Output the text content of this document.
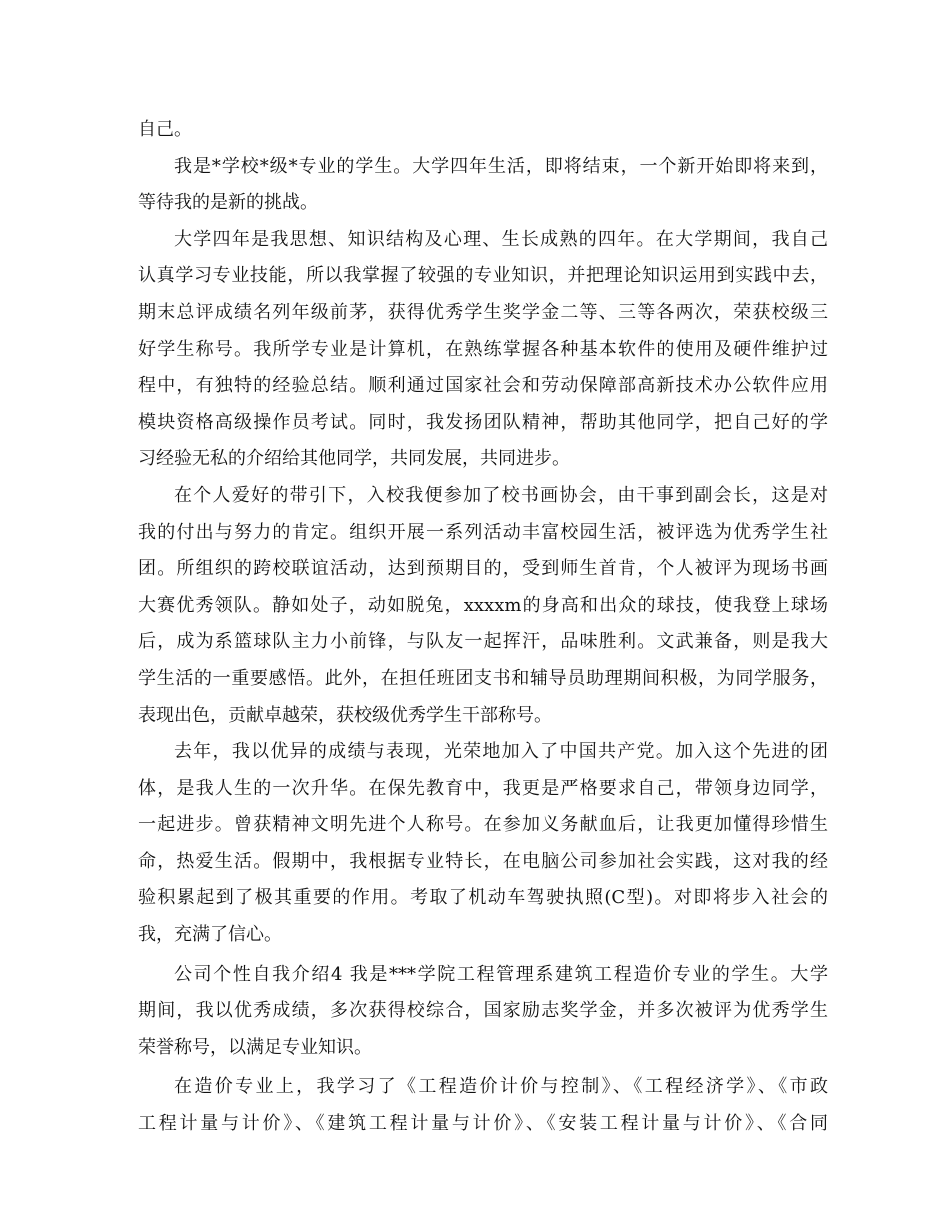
自己。
我是*学校*级*专业的学生。大学四年生活，即将结束，一个新开始即将来到，
等待我的是新的挑战。
大学四年是我思想、知识结构及心理、生长成熟的四年。在大学期间，我自己
认真学习专业技能，所以我掌握了较强的专业知识，并把理论知识运用到实践中去，
期末总评成绩名列年级前茅，获得优秀学生奖学金二等、三等各两次，荣获校级三
好学生称号。我所学专业是计算机，在熟练掌握各种基本软件的使用及硬件维护过
程中，有独特的经验总结。顺利通过国家社会和劳动保障部高新技术办公软件应用
模块资格高级操作员考试。同时，我发扬团队精神，帮助其他同学，把自己好的学
习经验无私的介绍给其他同学，共同发展，共同进步。
在个人爱好的带引下，入校我便参加了校书画协会，由干事到副会长，这是对
我的付出与努力的肯定。组织开展一系列活动丰富校园生活，被评选为优秀学生社
团。所组织的跨校联谊活动，达到预期目的，受到师生首肯，个人被评为现场书画
大赛优秀领队。静如处子，动如脱兔，xxxxm的身高和出众的球技，使我登上球场
后，成为系篮球队主力小前锋，与队友一起挥汗，品味胜利。文武兼备，则是我大
学生活的一重要感悟。此外，在担任班团支书和辅导员助理期间积极，为同学服务，
表现出色，贡献卓越荣，获校级优秀学生干部称号。
去年，我以优异的成绩与表现，光荣地加入了中国共产党。加入这个先进的团
体，是我人生的一次升华。在保先教育中，我更是严格要求自己，带领身边同学，
一起进步。曾获精神文明先进个人称号。在参加义务献血后，让我更加懂得珍惜生
命，热爱生活。假期中，我根据专业特长，在电脑公司参加社会实践，这对我的经
验积累起到了极其重要的作用。考取了机动车驾驶执照(C型)。对即将步入社会的
我，充满了信心。
公司个性自我介绍4 我是***学院工程管理系建筑工程造价专业的学生。大学
期间，我以优秀成绩，多次获得校综合，国家励志奖学金，并多次被评为优秀学生
荣誉称号，以满足专业知识。
在造价专业上，我学习了《工程造价计价与控制》、《工程经济学》、《市政
工程计量与计价》、《建筑工程计量与计价》、《安装工程计量与计价》、《合同
